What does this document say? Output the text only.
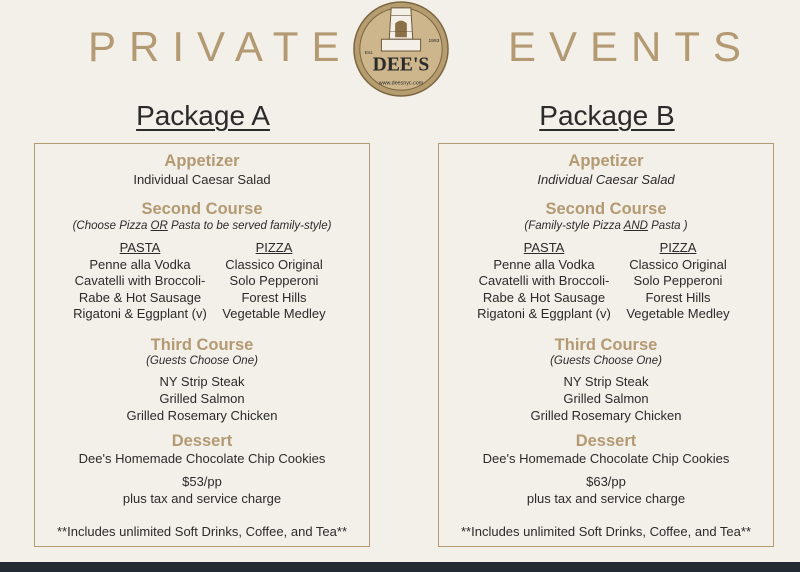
PRIVATE	EVENTS
Est.
1993
DEE'S
www.deesnyc.com
Package A	Package B
Appetizer
Individual Caesar Salad
Second Course
(Choose Pizza OR Pasta to be served family-style)
PASTA
Penne alla Vodka
Cavatelli with Broccoli-
Rabe & Hot Sausage
Rigatoni & Eggplant (v)
PIZZA
Classico Original
Solo Pepperoni
Forest Hills
Vegetable Medley
Third Course
(Guests Choose One)
NY Strip Steak
Grilled Salmon
Grilled Rosemary Chicken
Dessert
Dee's Homemade Chocolate Chip Cookies
$53/pp
plus tax and service charge
**Includes unlimited Soft Drinks, Coffee, and Tea**
Appetizer
Individual Caesar Salad
Second Course
(Family-style Pizza AND Pasta )
PASTA
Penne alla Vodka
Cavatelli with Broccoli-
Rabe & Hot Sausage
Rigatoni & Eggplant (v)
PIZZA
Classico Original
Solo Pepperoni
Forest Hills
Vegetable Medley
Third Course
(Guests Choose One)
NY Strip Steak
Grilled Salmon
Grilled Rosemary Chicken
Dessert
Dee's Homemade Chocolate Chip Cookies
$63/pp
plus tax and service charge
**Includes unlimited Soft Drinks, Coffee, and Tea**
